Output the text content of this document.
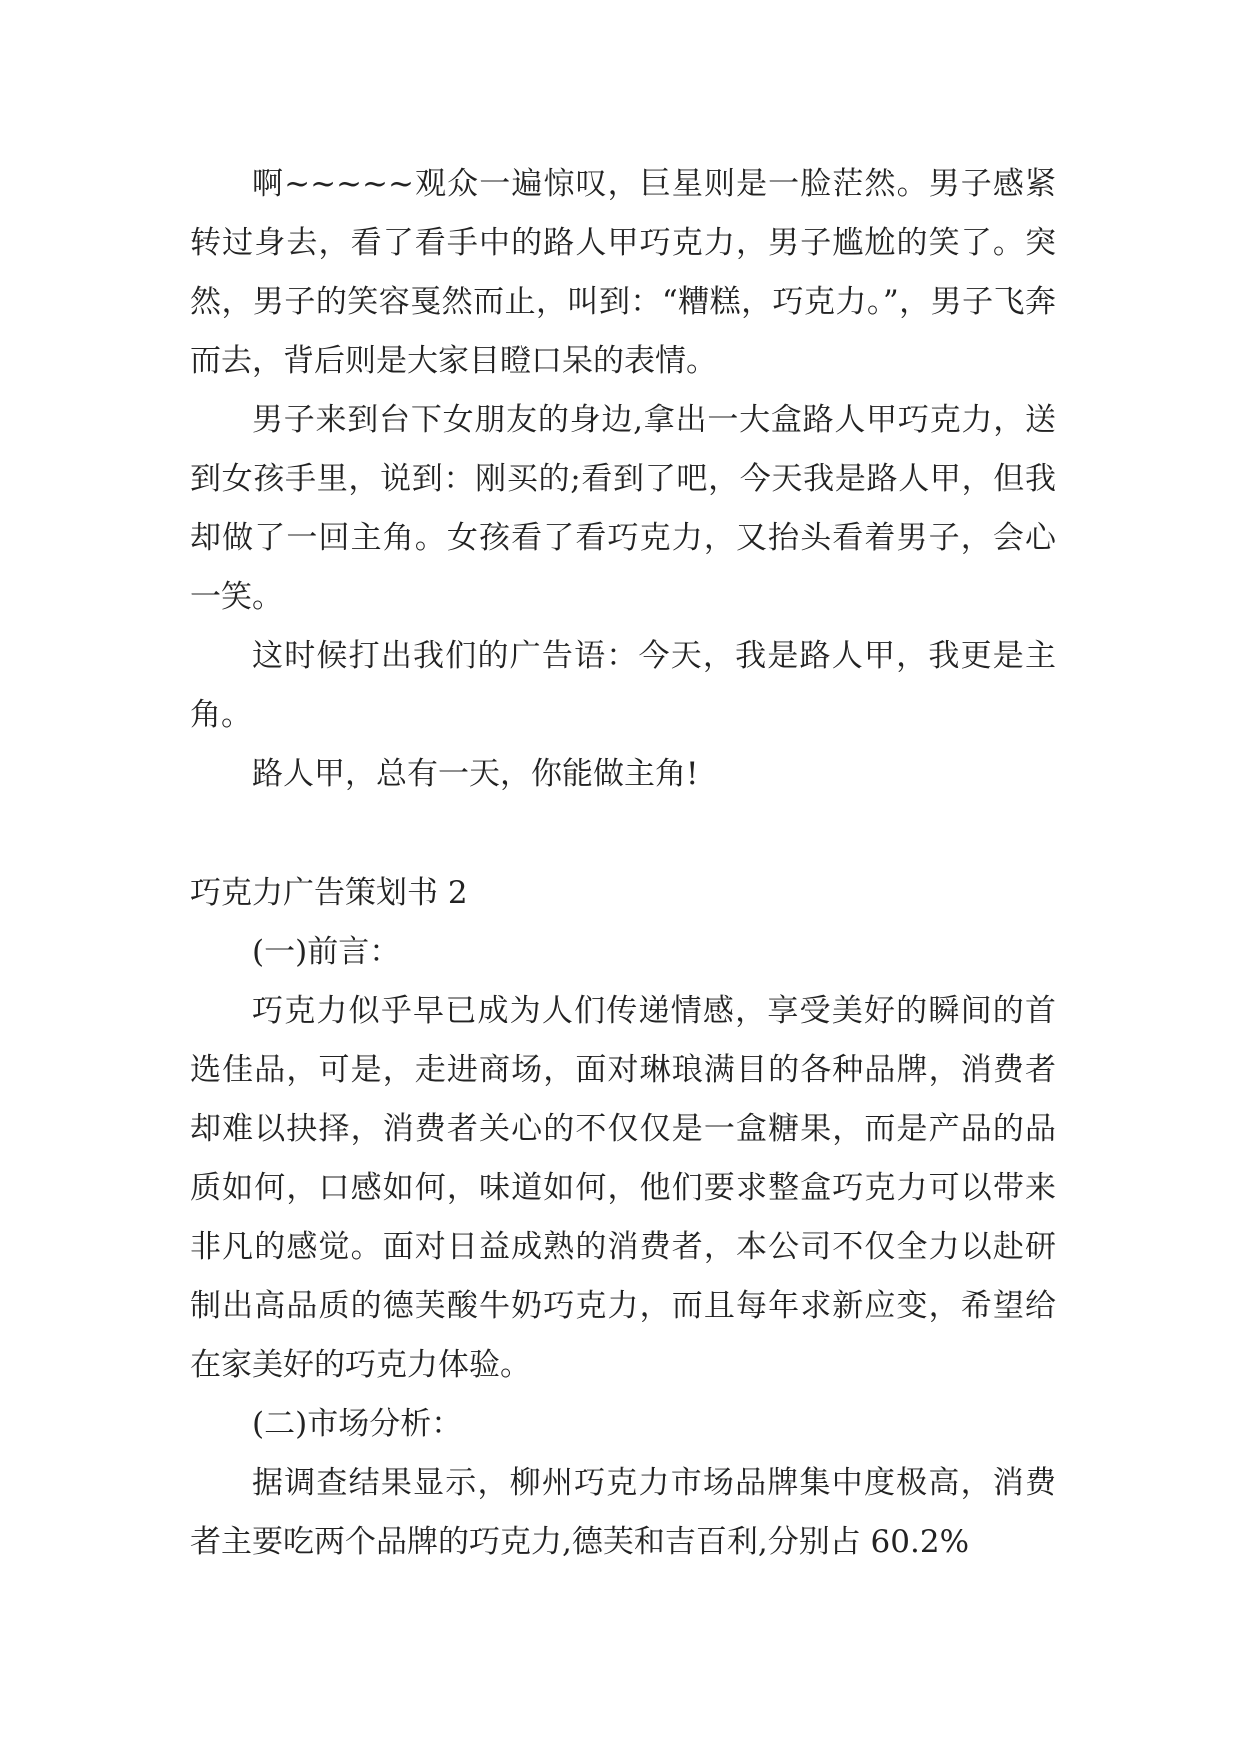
啊~~~~~观众一遍惊叹，巨星则是一脸茫然。男子感紧转过身去，看了看手中的路人甲巧克力，男子尴尬的笑了。突然，男子的笑容戛然而止，叫到：“糟糕，巧克力。”，男子飞奔而去，背后则是大家目瞪口呆的表情。

男子来到台下女朋友的身边,拿出一大盒路人甲巧克力，送到女孩手里，说到：刚买的;看到了吧，今天我是路人甲，但我却做了一回主角。女孩看了看巧克力，又抬头看着男子，会心一笑。

这时候打出我们的广告语：今天，我是路人甲，我更是主角。

路人甲，总有一天，你能做主角!

巧克力广告策划书 2

(一)前言：

巧克力似乎早已成为人们传递情感，享受美好的瞬间的首选佳品，可是，走进商场，面对琳琅满目的各种品牌，消费者却难以抉择，消费者关心的不仅仅是一盒糖果，而是产品的品质如何，口感如何，味道如何，他们要求整盒巧克力可以带来非凡的感觉。面对日益成熟的消费者，本公司不仅全力以赴研制出高品质的德芙酸牛奶巧克力，而且每年求新应变，希望给在家美好的巧克力体验。

(二)市场分析：

据调查结果显示，柳州巧克力市场品牌集中度极高，消费者主要吃两个品牌的巧克力,德芙和吉百利,分别占 60.2%
